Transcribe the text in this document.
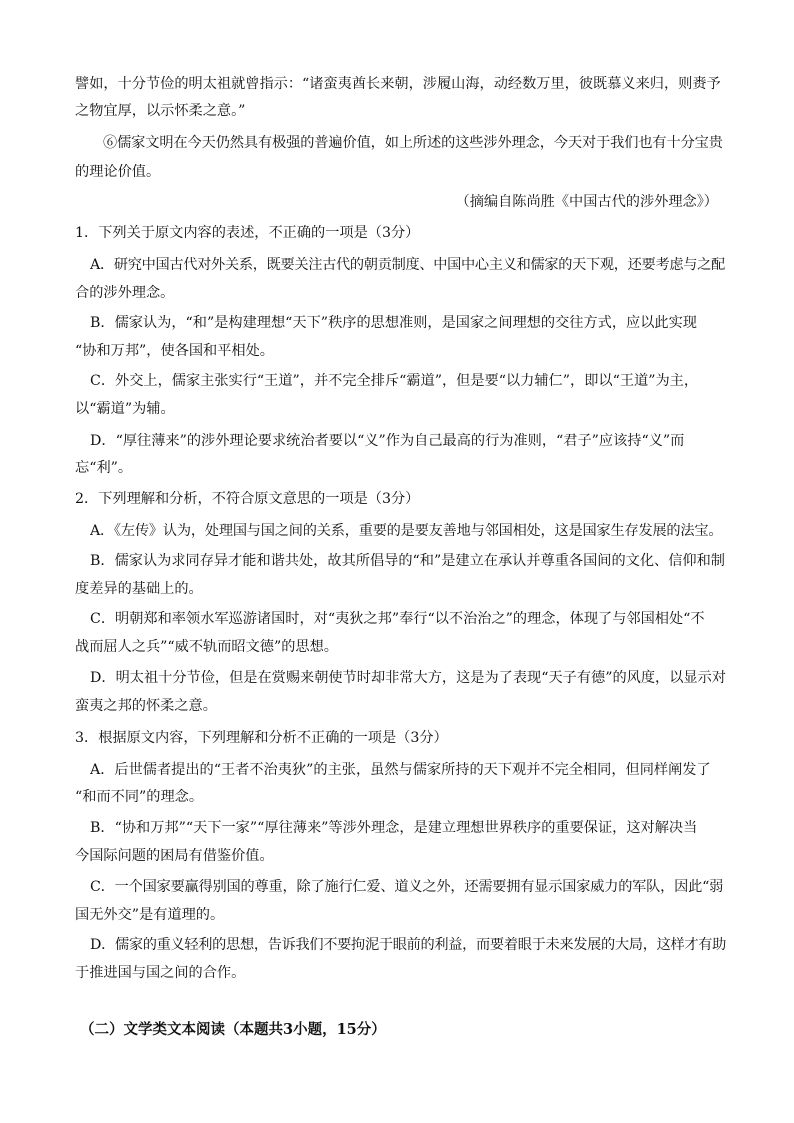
譬如，十分节俭的明太祖就曾指示：“诸蛮夷酋长来朝，涉履山海，动经数万里，彼既慕义来归，则赉予
之物宜厚，以示怀柔之意。”
⑥儒家文明在今天仍然具有极强的普遍价值，如上所述的这些涉外理念，今天对于我们也有十分宝贵
的理论价值。
（摘编自陈尚胜《中国古代的涉外理念》）
1．下列关于原文内容的表述，不正确的一项是（3分）
A．研究中国古代对外关系，既要关注古代的朝贡制度、中国中心主义和儒家的天下观，还要考虑与之配
合的涉外理念。
B．儒家认为，“和”是构建理想“天下”秩序的思想准则，是国家之间理想的交往方式，应以此实现
“协和万邦”，使各国和平相处。
C．外交上，儒家主张实行“王道”，并不完全排斥“霸道”，但是要“以力辅仁”，即以“王道”为主，
以“霸道”为辅。
D．“厚往薄来”的涉外理论要求统治者要以“义”作为自己最高的行为准则，“君子”应该持“义”而
忘“利”。
2．下列理解和分析，不符合原文意思的一项是（3分）
A．《左传》认为，处理国与国之间的关系，重要的是要友善地与邻国相处，这是国家生存发展的法宝。
B．儒家认为求同存异才能和谐共处，故其所倡导的“和”是建立在承认并尊重各国间的文化、信仰和制
度差异的基础上的。
C．明朝郑和率领水军巡游诸国时，对“夷狄之邦”奉行“以不治治之”的理念，体现了与邻国相处“不
战而屈人之兵”“威不轨而昭文德”的思想。
D．明太祖十分节俭，但是在赏赐来朝使节时却非常大方，这是为了表现“天子有德”的风度，以显示对
蛮夷之邦的怀柔之意。
3．根据原文内容，下列理解和分析不正确的一项是（3分）
A．后世儒者提出的“王者不治夷狄”的主张，虽然与儒家所持的天下观并不完全相同，但同样阐发了
“和而不同”的理念。
B．“协和万邦”“天下一家”“厚往薄来”等涉外理念，是建立理想世界秩序的重要保证，这对解决当
今国际问题的困局有借鉴价值。
C．一个国家要赢得别国的尊重，除了施行仁爱、道义之外，还需要拥有显示国家威力的军队，因此“弱
国无外交”是有道理的。
D．儒家的重义轻利的思想，告诉我们不要拘泥于眼前的利益，而要着眼于未来发展的大局，这样才有助
于推进国与国之间的合作。
（二）文学类文本阅读（本题共3小题，15分）
